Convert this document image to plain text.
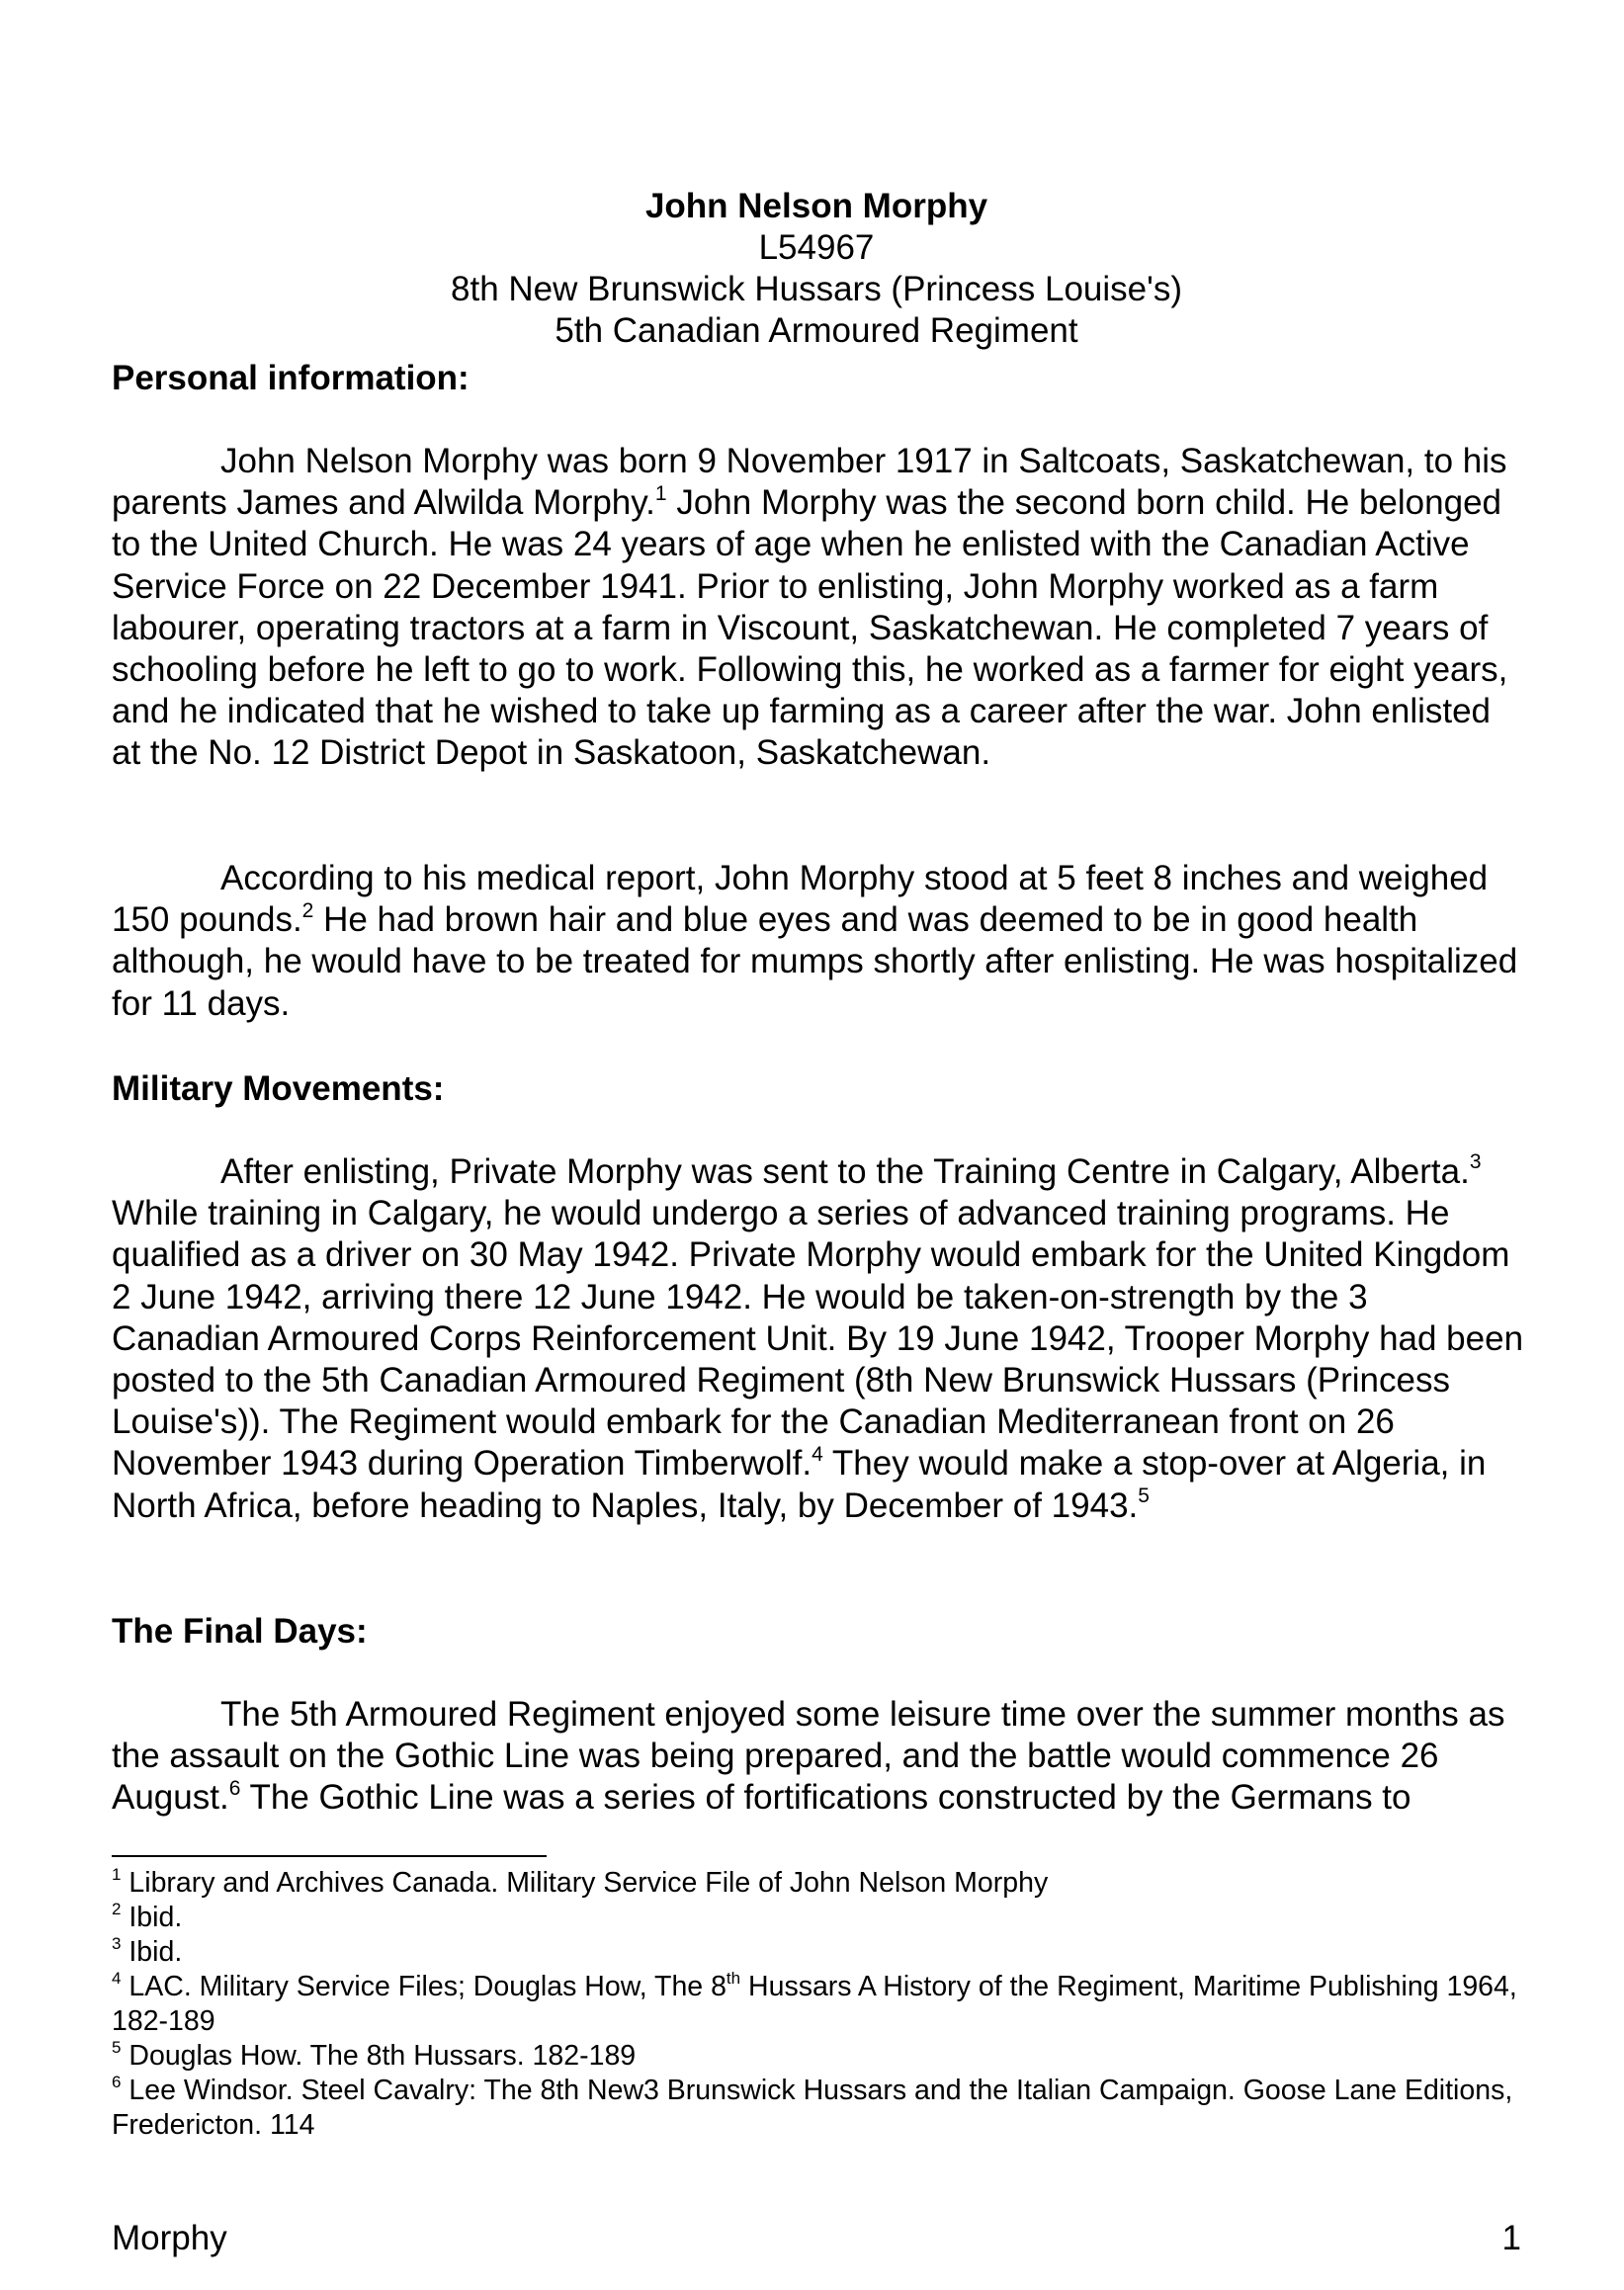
John Nelson Morphy
L54967
8th New Brunswick Hussars (Princess Louise's)
5th Canadian Armoured Regiment
Personal information:
John Nelson Morphy was born 9 November 1917 in Saltcoats, Saskatchewan, to his parents James and Alwilda Morphy.$^1$ John Morphy was the second born child. He belonged to the United Church. He was 24 years of age when he enlisted with the Canadian Active Service Force on 22 December 1941. Prior to enlisting, John Morphy worked as a farm labourer, operating tractors at a farm in Viscount, Saskatchewan. He completed 7 years of schooling before he left to go to work. Following this, he worked as a farmer for eight years, and he indicated that he wished to take up farming as a career after the war. John enlisted at the No. 12 District Depot in Saskatoon, Saskatchewan.
According to his medical report, John Morphy stood at 5 feet 8 inches and weighed 150 pounds.$^2$ He had brown hair and blue eyes and was deemed to be in good health although, he would have to be treated for mumps shortly after enlisting. He was hospitalized for 11 days.
Military Movements:
After enlisting, Private Morphy was sent to the Training Centre in Calgary, Alberta.$^3$ While training in Calgary, he would undergo a series of advanced training programs. He qualified as a driver on 30 May 1942. Private Morphy would embark for the United Kingdom 2 June 1942, arriving there 12 June 1942. He would be taken-on-strength by the 3 Canadian Armoured Corps Reinforcement Unit. By 19 June 1942, Trooper Morphy had been posted to the 5th Canadian Armoured Regiment (8th New Brunswick Hussars (Princess Louise's)). The Regiment would embark for the Canadian Mediterranean front on 26 November 1943 during Operation Timberwolf.$^4$ They would make a stop-over at Algeria, in North Africa, before heading to Naples, Italy, by December of 1943.$^5$
The Final Days:
The 5th Armoured Regiment enjoyed some leisure time over the summer months as the assault on the Gothic Line was being prepared, and the battle would commence 26 August.$^6$ The Gothic Line was a series of fortifications constructed by the Germans to
$^1$ Library and Archives Canada. Military Service File of John Nelson Morphy
$^2$ Ibid.
$^3$ Ibid.
$^4$ LAC. Military Service Files; Douglas How, The 8th Hussars A History of the Regiment, Maritime Publishing 1964, 182-189
$^5$ Douglas How. The 8th Hussars. 182-189
$^6$ Lee Windsor. Steel Cavalry: The 8th New3 Brunswick Hussars and the Italian Campaign. Goose Lane Editions, Fredericton. 114
Morphy	1
